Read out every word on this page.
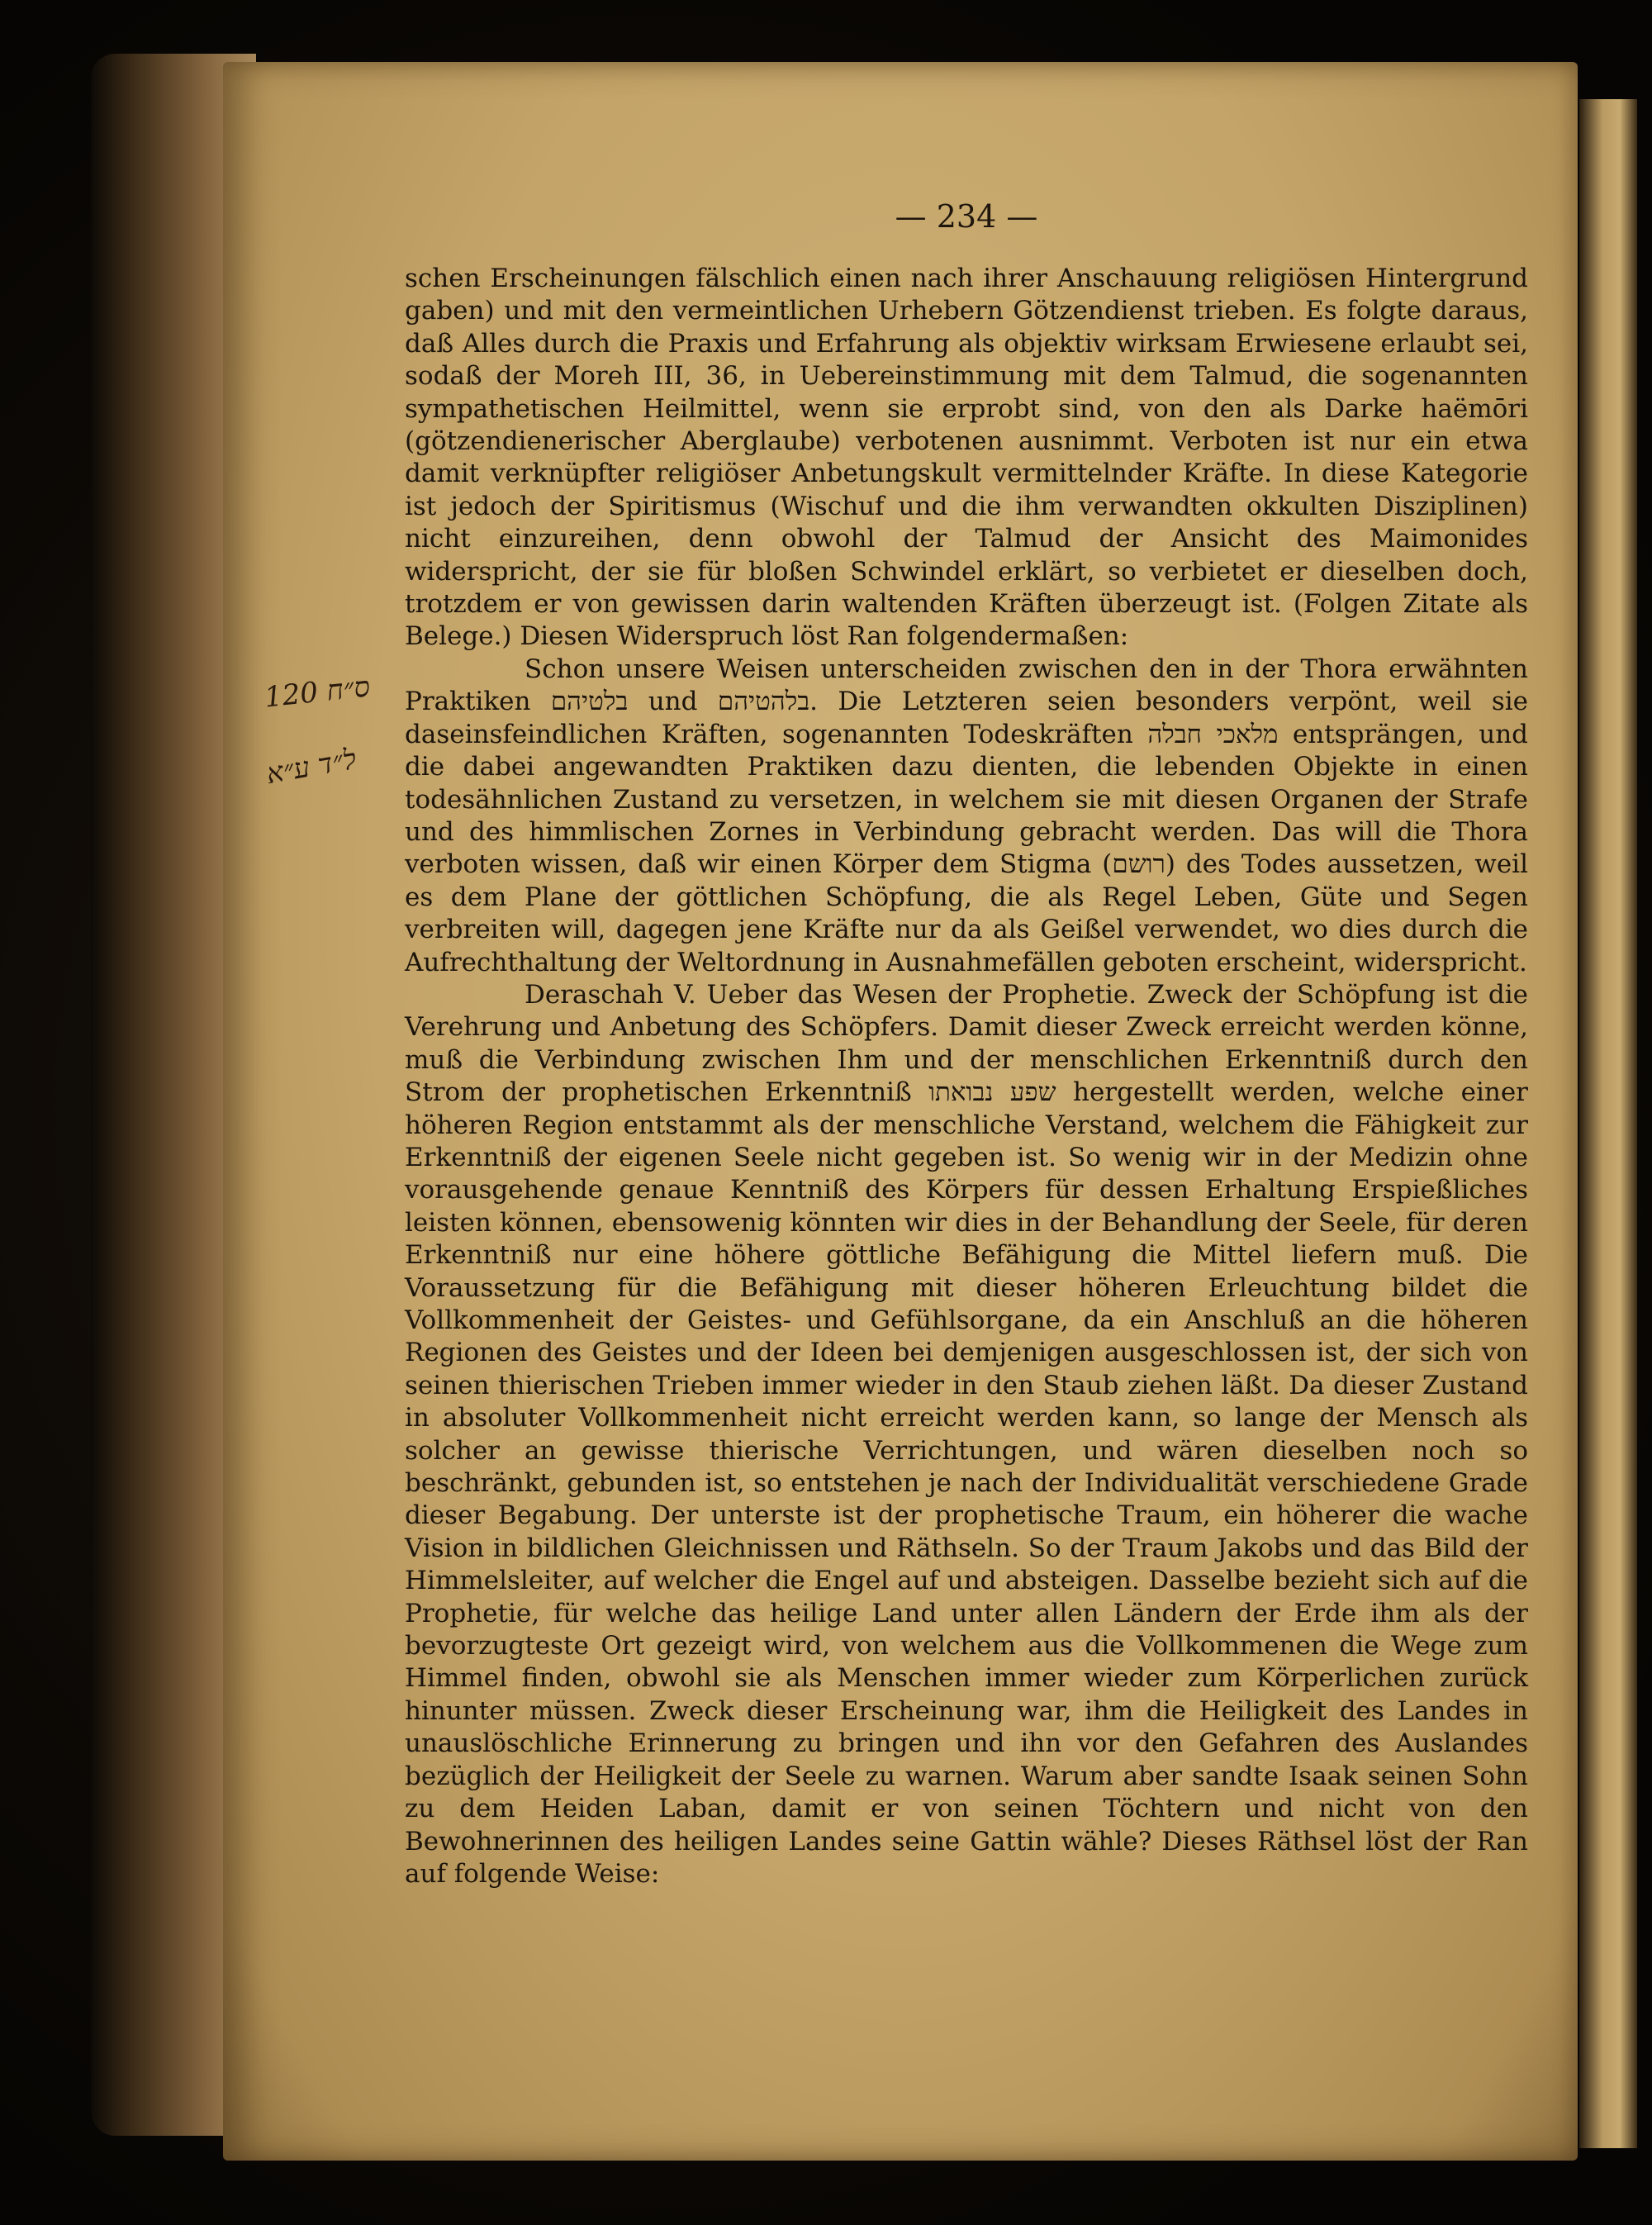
— 234 —
ס״ח 120
ל״ד ע״א

schen Erscheinungen fälschlich einen nach ihrer Anschauung religiösen Hintergrund gaben) und mit den vermeintlichen Urhebern Götzendienst trieben. Es folgte daraus, daß Alles durch die Praxis und Erfahrung als objektiv wirksam Erwiesene erlaubt sei, sodaß der Moreh III, 36, in Uebereinstimmung mit dem Talmud, die sogenannten sympathetischen Heilmittel, wenn sie erprobt sind, von den als Darke haëmōri (götzendienerischer Aberglaube) verbotenen ausnimmt. Verboten ist nur ein etwa damit verknüpfter religiöser Anbetungskult vermittelnder Kräfte. In diese Kategorie ist jedoch der Spiritismus (Wischuf und die ihm verwandten okkulten Disziplinen) nicht einzureihen, denn obwohl der Talmud der Ansicht des Maimonides widerspricht, der sie für bloßen Schwindel erklärt, so verbietet er dieselben doch, trotzdem er von gewissen darin waltenden Kräften überzeugt ist. (Folgen Zitate als Belege.) Diesen Widerspruch löst Ran folgendermaßen:

Schon unsere Weisen unterscheiden zwischen den in der Thora erwähnten Praktiken בלטיהם und בלהטיהם. Die Letzteren seien besonders verpönt, weil sie daseinsfeindlichen Kräften, sogenannten Todeskräften מלאכי חבלה entsprängen, und die dabei angewandten Praktiken dazu dienten, die lebenden Objekte in einen todesähnlichen Zustand zu versetzen, in welchem sie mit diesen Organen der Strafe und des himmlischen Zornes in Verbindung gebracht werden. Das will die Thora verboten wissen, daß wir einen Körper dem Stigma (רושם) des Todes aussetzen, weil es dem Plane der göttlichen Schöpfung, die als Regel Leben, Güte und Segen verbreiten will, dagegen jene Kräfte nur da als Geißel verwendet, wo dies durch die Aufrechthaltung der Weltordnung in Ausnahmefällen geboten erscheint, widerspricht.

Deraschah V. Ueber das Wesen der Prophetie. Zweck der Schöpfung ist die Verehrung und Anbetung des Schöpfers. Damit dieser Zweck erreicht werden könne, muß die Verbindung zwischen Ihm und der menschlichen Erkenntniß durch den Strom der prophetischen Erkenntniß שפע נבואתו hergestellt werden, welche einer höheren Region entstammt als der menschliche Verstand, welchem die Fähigkeit zur Erkenntniß der eigenen Seele nicht gegeben ist. So wenig wir in der Medizin ohne vorausgehende genaue Kenntniß des Körpers für dessen Erhaltung Erspießliches leisten können, ebensowenig könnten wir dies in der Behandlung der Seele, für deren Erkenntniß nur eine höhere göttliche Befähigung die Mittel liefern muß. Die Voraussetzung für die Befähigung mit dieser höheren Erleuchtung bildet die Vollkommenheit der Geistes- und Gefühlsorgane, da ein Anschluß an die höheren Regionen des Geistes und der Ideen bei demjenigen ausgeschlossen ist, der sich von seinen thierischen Trieben immer wieder in den Staub ziehen läßt. Da dieser Zustand in absoluter Vollkommenheit nicht erreicht werden kann, so lange der Mensch als solcher an gewisse thierische Verrichtungen, und wären dieselben noch so beschränkt, gebunden ist, so entstehen je nach der Individualität verschiedene Grade dieser Begabung. Der unterste ist der prophetische Traum, ein höherer die wache Vision in bildlichen Gleichnissen und Räthseln. So der Traum Jakobs und das Bild der Himmelsleiter, auf welcher die Engel auf und absteigen. Dasselbe bezieht sich auf die Prophetie, für welche das heilige Land unter allen Ländern der Erde ihm als der bevorzugteste Ort gezeigt wird, von welchem aus die Vollkommenen die Wege zum Himmel finden, obwohl sie als Menschen immer wieder zum Körperlichen zurück hinunter müssen. Zweck dieser Erscheinung war, ihm die Heiligkeit des Landes in unauslöschliche Erinnerung zu bringen und ihn vor den Gefahren des Auslandes bezüglich der Heiligkeit der Seele zu warnen. Warum aber sandte Isaak seinen Sohn zu dem Heiden Laban, damit er von seinen Töchtern und nicht von den Bewohnerinnen des heiligen Landes seine Gattin wähle? Dieses Räthsel löst der Ran auf folgende Weise:
